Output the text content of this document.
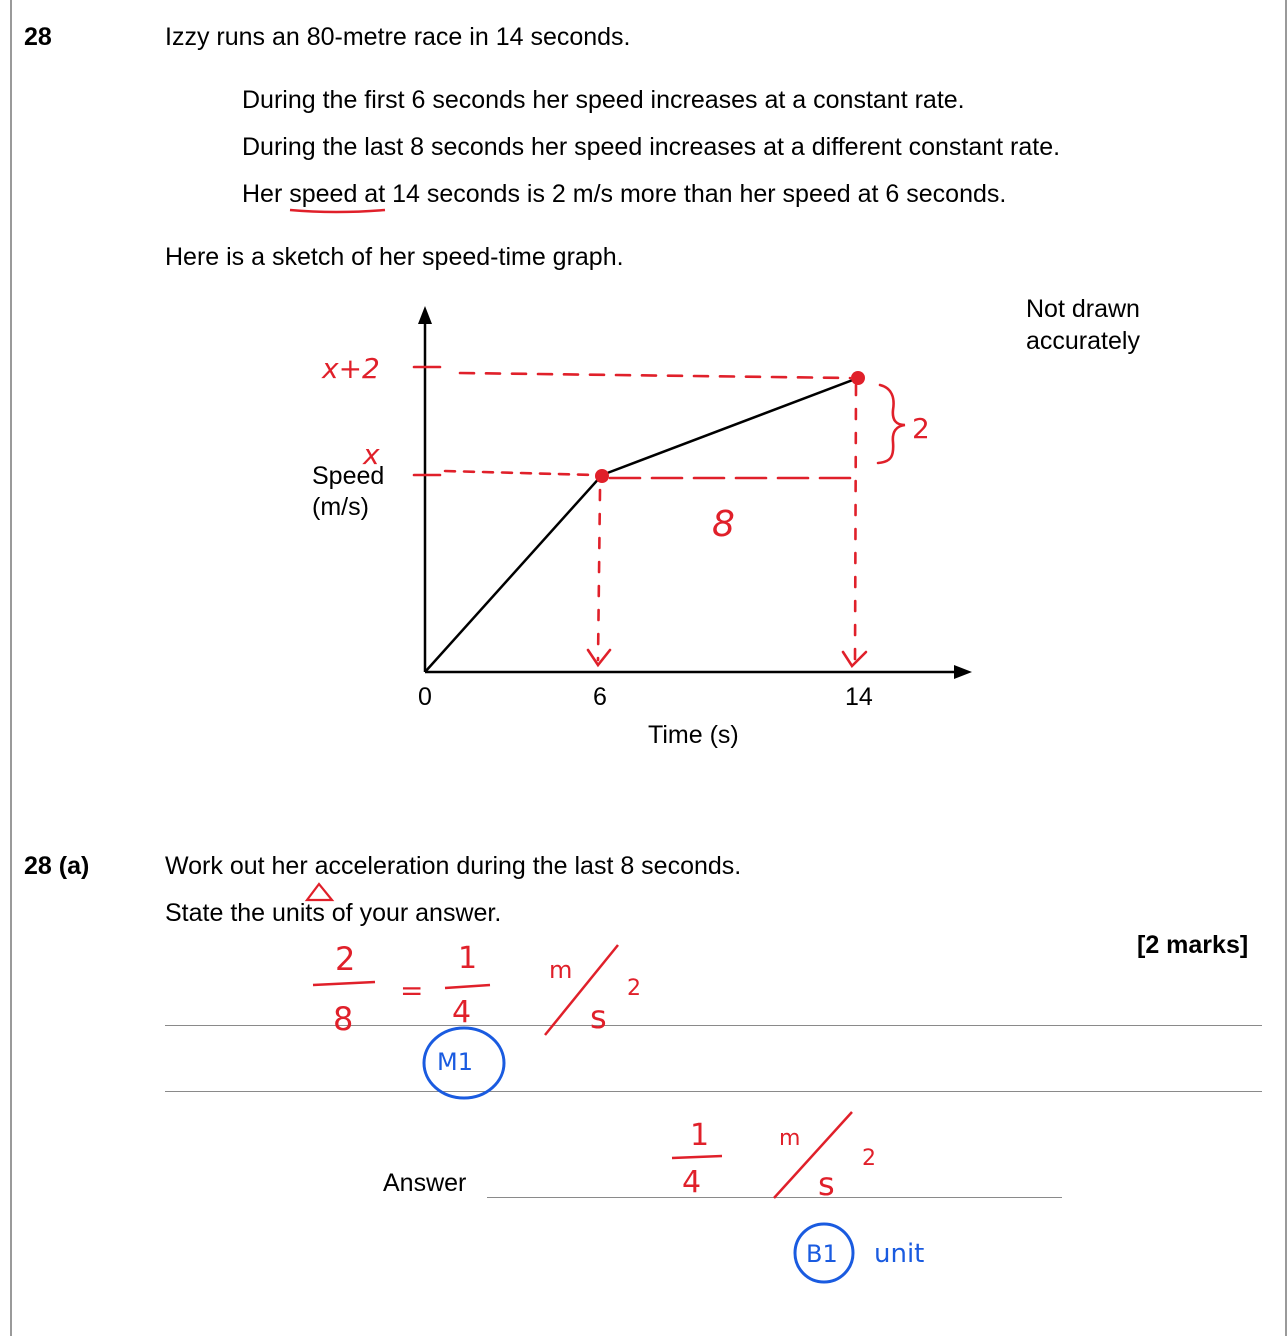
28	Izzy runs an 80-metre race in 14 seconds.
During the first 6 seconds her speed increases at a constant rate.
During the last 8 seconds her speed increases at a different constant rate.
Her speed at 14 seconds is 2 m/s more than her speed at 6 seconds.
Here is a sketch of her speed-time graph.
Not drawn
accurately
Speed
(m/s)
0	6	14
Time (s)
28 (a)	Work out her acceleration during the last 8 seconds.
State the units of your answer.
[2 marks]
Answer
x+2
x
8
2
2
8
=
1
4
m
s
2
M1
1
4
m
s
2
B1 unit
